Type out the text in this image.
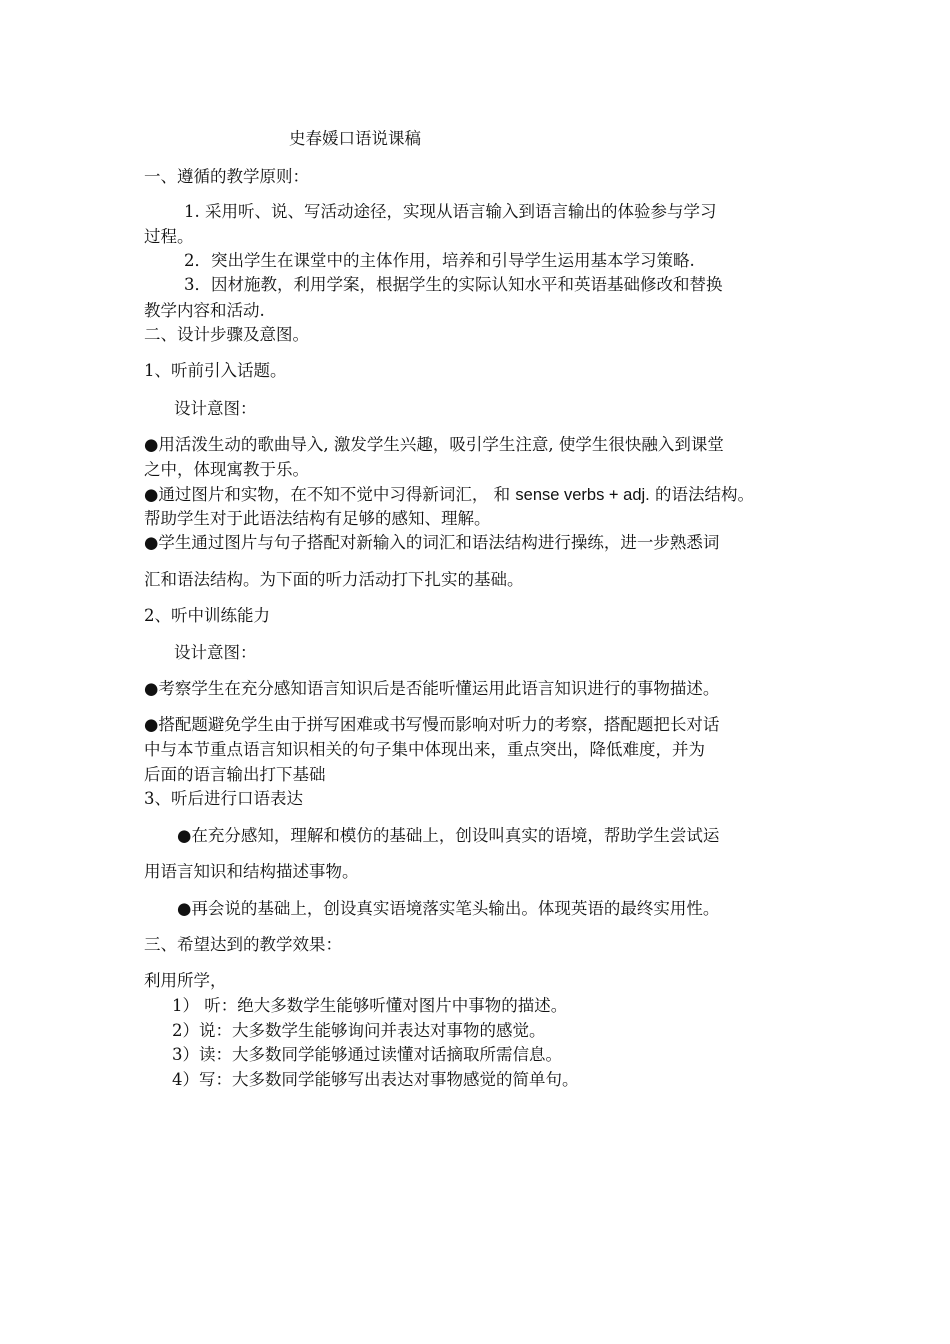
史春媛口语说课稿
一、遵循的教学原则：
1. 采用听、说、写活动途径，实现从语言输入到语言输出的体验参与学习
过程。
2．突出学生在课堂中的主体作用，培养和引导学生运用基本学习策略.
3．因材施教，利用学案，根据学生的实际认知水平和英语基础修改和替换
教学内容和活动.
二、设计步骤及意图。
1、听前引入话题。
设计意图：
●用活泼生动的歌曲导入, 激发学生兴趣，吸引学生注意, 使学生很快融入到课堂
之中，体现寓教于乐。
●通过图片和实物，在不知不觉中习得新词汇， 和 sense verbs + adj. 的语法结构。
帮助学生对于此语法结构有足够的感知、理解。
●学生通过图片与句子搭配对新输入的词汇和语法结构进行操练，进一步熟悉词
汇和语法结构。为下面的听力活动打下扎实的基础。
2、听中训练能力
设计意图：
●考察学生在充分感知语言知识后是否能听懂运用此语言知识进行的事物描述。
●搭配题避免学生由于拼写困难或书写慢而影响对听力的考察，搭配题把长对话
中与本节重点语言知识相关的句子集中体现出来，重点突出，降低难度，并为
后面的语言输出打下基础
3、听后进行口语表达
●在充分感知，理解和模仿的基础上，创设叫真实的语境，帮助学生尝试运
用语言知识和结构描述事物。
●再会说的基础上，创设真实语境落实笔头输出。体现英语的最终实用性。
三、希望达到的教学效果：
利用所学，
1） 听：绝大多数学生能够听懂对图片中事物的描述。
2）说：大多数学生能够询问并表达对事物的感觉。
3）读：大多数同学能够通过读懂对话摘取所需信息。
4）写：大多数同学能够写出表达对事物感觉的简单句。
